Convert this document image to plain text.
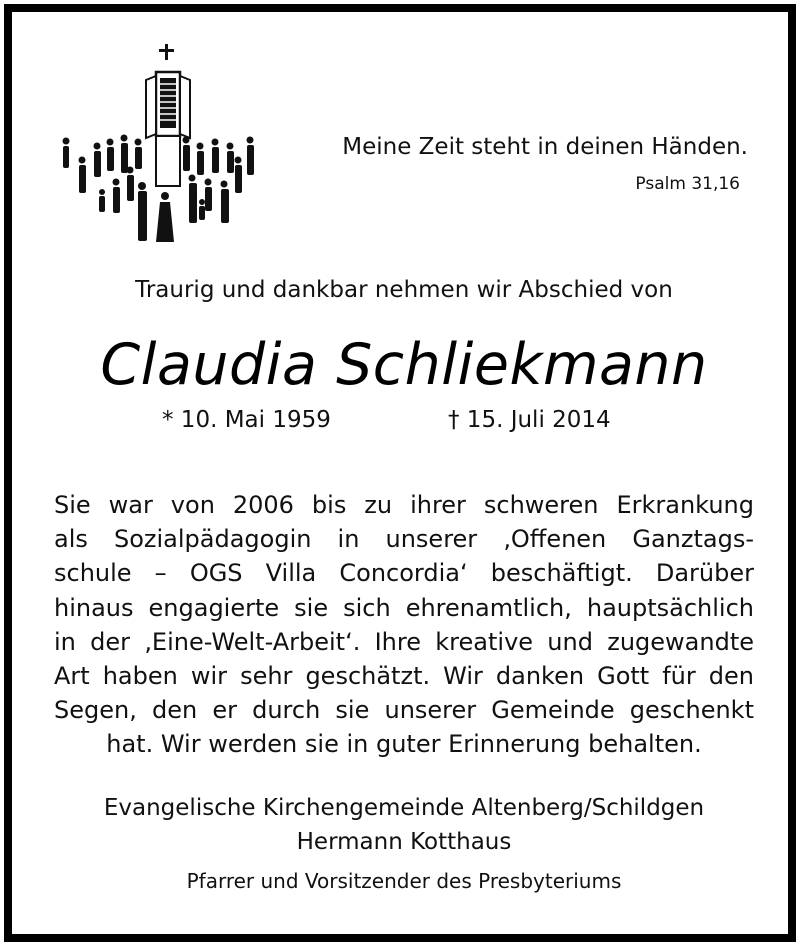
Meine Zeit steht in deinen Händen.
Psalm 31,16
Traurig und dankbar nehmen wir Abschied von
Claudia Schliekmann
* 10. Mai 1959	† 15. Juli 2014
Sie war von 2006 bis zu ihrer schweren Erkrankung
als Sozialpädagogin in unserer ‚Offenen Ganztags-
schule – OGS Villa Concordia‘ beschäftigt. Darüber
hinaus engagierte sie sich ehrenamtlich, hauptsächlich
in der ‚Eine-Welt-Arbeit‘. Ihre kreative und zugewandte
Art haben wir sehr geschätzt. Wir danken Gott für den
Segen, den er durch sie unserer Gemeinde geschenkt
hat. Wir werden sie in guter Erinnerung behalten.
Evangelische Kirchengemeinde Altenberg/Schildgen
Hermann Kotthaus
Pfarrer und Vorsitzender des Presbyteriums
